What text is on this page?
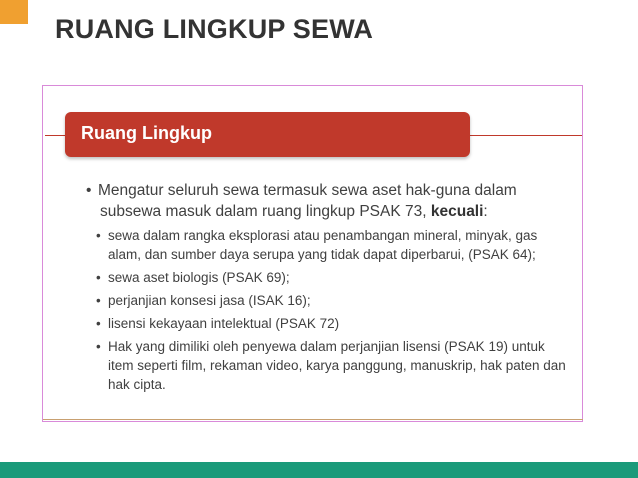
RUANG LINGKUP SEWA
Ruang Lingkup
• Mengatur seluruh sewa termasuk sewa aset hak-guna dalam subsewa masuk dalam ruang lingkup PSAK 73, kecuali:
• sewa dalam rangka eksplorasi atau penambangan mineral, minyak, gas alam, dan sumber daya serupa yang tidak dapat diperbarui, (PSAK 64);
• sewa aset biologis (PSAK 69);
• perjanjian konsesi jasa (ISAK 16);
• lisensi kekayaan intelektual (PSAK 72)
• Hak yang dimiliki oleh penyewa dalam perjanjian lisensi (PSAK 19) untuk item seperti film, rekaman video, karya panggung, manuskrip, hak paten dan hak cipta.
